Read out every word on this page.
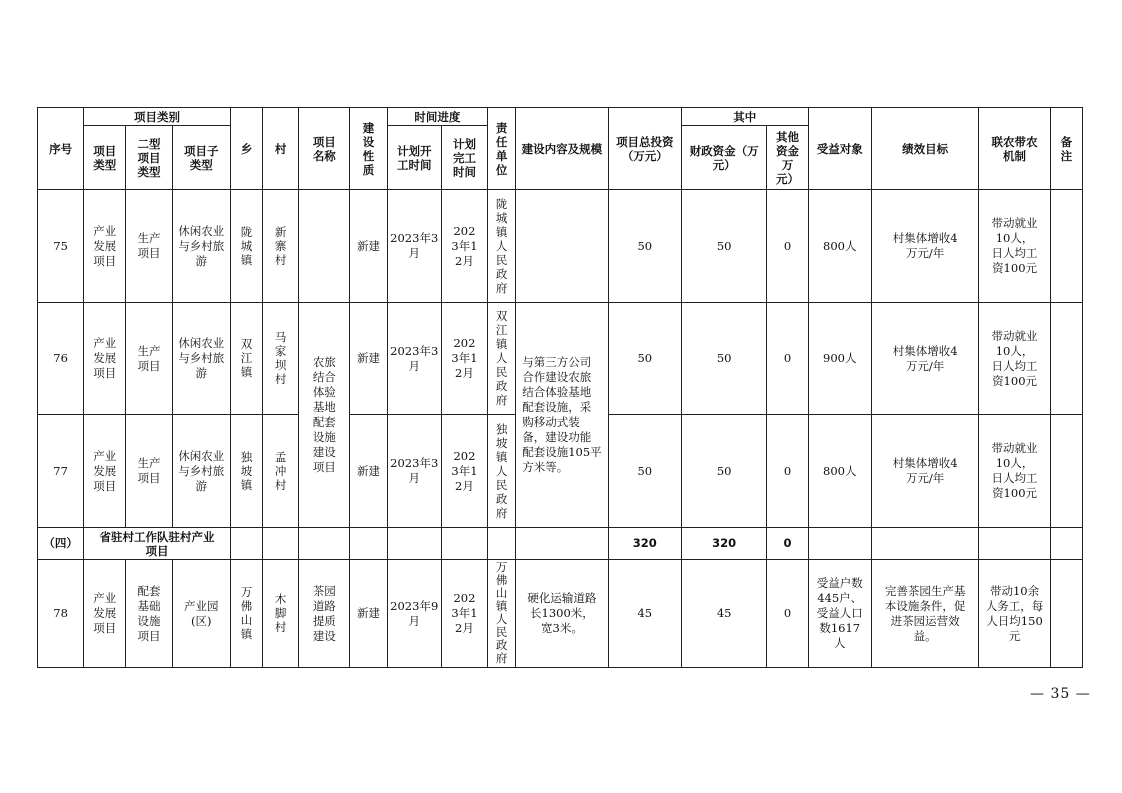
序号	项目类别			乡	村	项目名称	建设性质	时间进度		责任单位	建设内容及规模	项目总投资（万元）	其中		受益对象	绩效目标	联农带农机制	备注
	项目类型	二型项目类型	项目子类型					计划开工时间	计划完工时间				财政资金（万元）	其他资金万元）				
75	产业发展项目	生产项目	休闲农业与乡村旅游	陇城镇	新寨村		新建	2023年3月	2023年12月	陇城镇人民政府		50	50	0	800人	村集体增收4万元/年	带动就业10人，日人均工资100元	
76	产业发展项目	生产项目	休闲农业与乡村旅游	双江镇	马家坝村	农旅结合体验基地配套设施建设项目	新建	2023年3月	2023年12月	双江镇人民政府	与第三方公司合作建设农旅结合体验基地配套设施，采购移动式装备，建设功能配套设施105平方米等。	50	50	0	900人	村集体增收4万元/年	带动就业10人，日人均工资100元	
77	产业发展项目	生产项目	休闲农业与乡村旅游	独坡镇	孟冲村		新建	2023年3月	2023年12月	独坡镇人民政府		50	50	0	800人	村集体增收4万元/年	带动就业10人，日人均工资100元	
（四）	省驻村工作队驻村产业项目											320	320	0				
78	产业发展项目	配套基础设施项目	产业园(区)	万佛山镇	木脚村	茶园道路提质建设	新建	2023年9月	2023年12月	万佛山镇人民政府	硬化运输道路长1300米，宽3米。	45	45	0	受益户数445户、受益人口数1617人	完善茶园生产基本设施条件，促进茶园运营效益。	带动10余人务工，每人日均150元	
— 35 —
